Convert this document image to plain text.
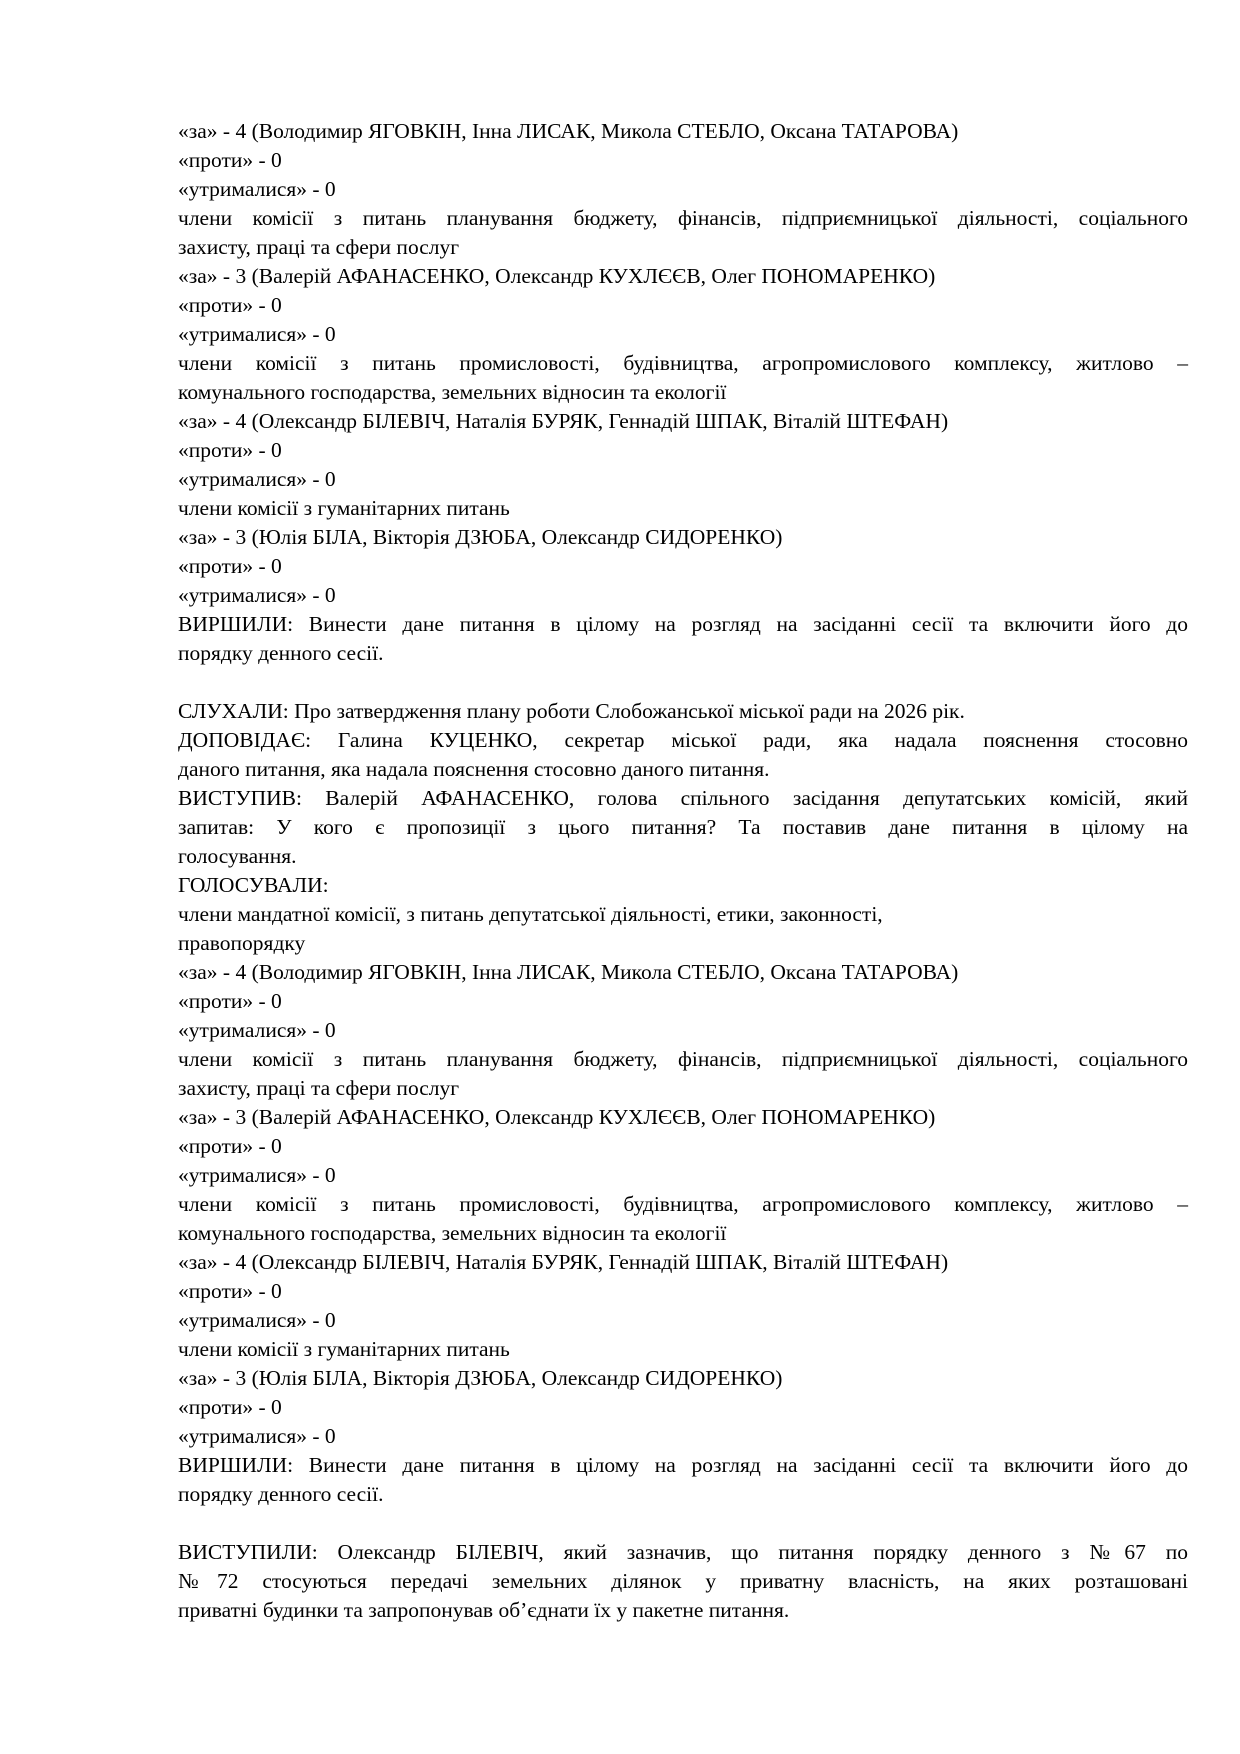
«за» - 4 (Володимир ЯГОВКІН, Інна ЛИСАК, Микола СТЕБЛО, Оксана ТАТАРОВА)
«проти» - 0
«утрималися» - 0
члени комісії з питань планування бюджету, фінансів, підприємницької діяльності, соціального
захисту, праці та сфери послуг
«за» - 3 (Валерій АФАНАСЕНКО, Олександр КУХЛЄЄВ, Олег ПОНОМАРЕНКО)
«проти» - 0
«утрималися» - 0
члени комісії з питань промисловості, будівництва, агропромислового комплексу, житлово –
комунального господарства, земельних відносин та екології
«за» - 4 (Олександр БІЛЕВІЧ, Наталія БУРЯК, Геннадій ШПАК, Віталій ШТЕФАН)
«проти» - 0
«утрималися» - 0
члени комісії з гуманітарних питань
«за» - 3 (Юлія БІЛА, Вікторія ДЗЮБА, Олександр СИДОРЕНКО)
«проти» - 0
«утрималися» - 0
ВИРШИЛИ: Винести дане питання в цілому на розгляд на засіданні сесії та включити його до
порядку денного сесії.
СЛУХАЛИ: Про затвердження плану роботи Слобожанської міської ради на 2026 рік.
ДОПОВІДАЄ: Галина КУЦЕНКО, секретар міської ради, яка надала пояснення стосовно
даного питання, яка надала пояснення стосовно даного питання.
ВИСТУПИВ: Валерій АФАНАСЕНКО, голова спільного засідання депутатських комісій, який
запитав: У кого є пропозиції з цього питання? Та поставив дане питання в цілому на
голосування.
ГОЛОСУВАЛИ:
члени мандатної комісії, з питань депутатської діяльності, етики, законності,
правопорядку
«за» - 4 (Володимир ЯГОВКІН, Інна ЛИСАК, Микола СТЕБЛО, Оксана ТАТАРОВА)
«проти» - 0
«утрималися» - 0
члени комісії з питань планування бюджету, фінансів, підприємницької діяльності, соціального
захисту, праці та сфери послуг
«за» - 3 (Валерій АФАНАСЕНКО, Олександр КУХЛЄЄВ, Олег ПОНОМАРЕНКО)
«проти» - 0
«утрималися» - 0
члени комісії з питань промисловості, будівництва, агропромислового комплексу, житлово –
комунального господарства, земельних відносин та екології
«за» - 4 (Олександр БІЛЕВІЧ, Наталія БУРЯК, Геннадій ШПАК, Віталій ШТЕФАН)
«проти» - 0
«утрималися» - 0
члени комісії з гуманітарних питань
«за» - 3 (Юлія БІЛА, Вікторія ДЗЮБА, Олександр СИДОРЕНКО)
«проти» - 0
«утрималися» - 0
ВИРШИЛИ: Винести дане питання в цілому на розгляд на засіданні сесії та включити його до
порядку денного сесії.
ВИСТУПИЛИ: Олександр БІЛЕВІЧ, який зазначив, що питання порядку денного з №67 по
№72 стосуються передачі земельних ділянок у приватну власність, на яких розташовані
приватні будинки та запропонував об’єднати їх у пакетне питання.
